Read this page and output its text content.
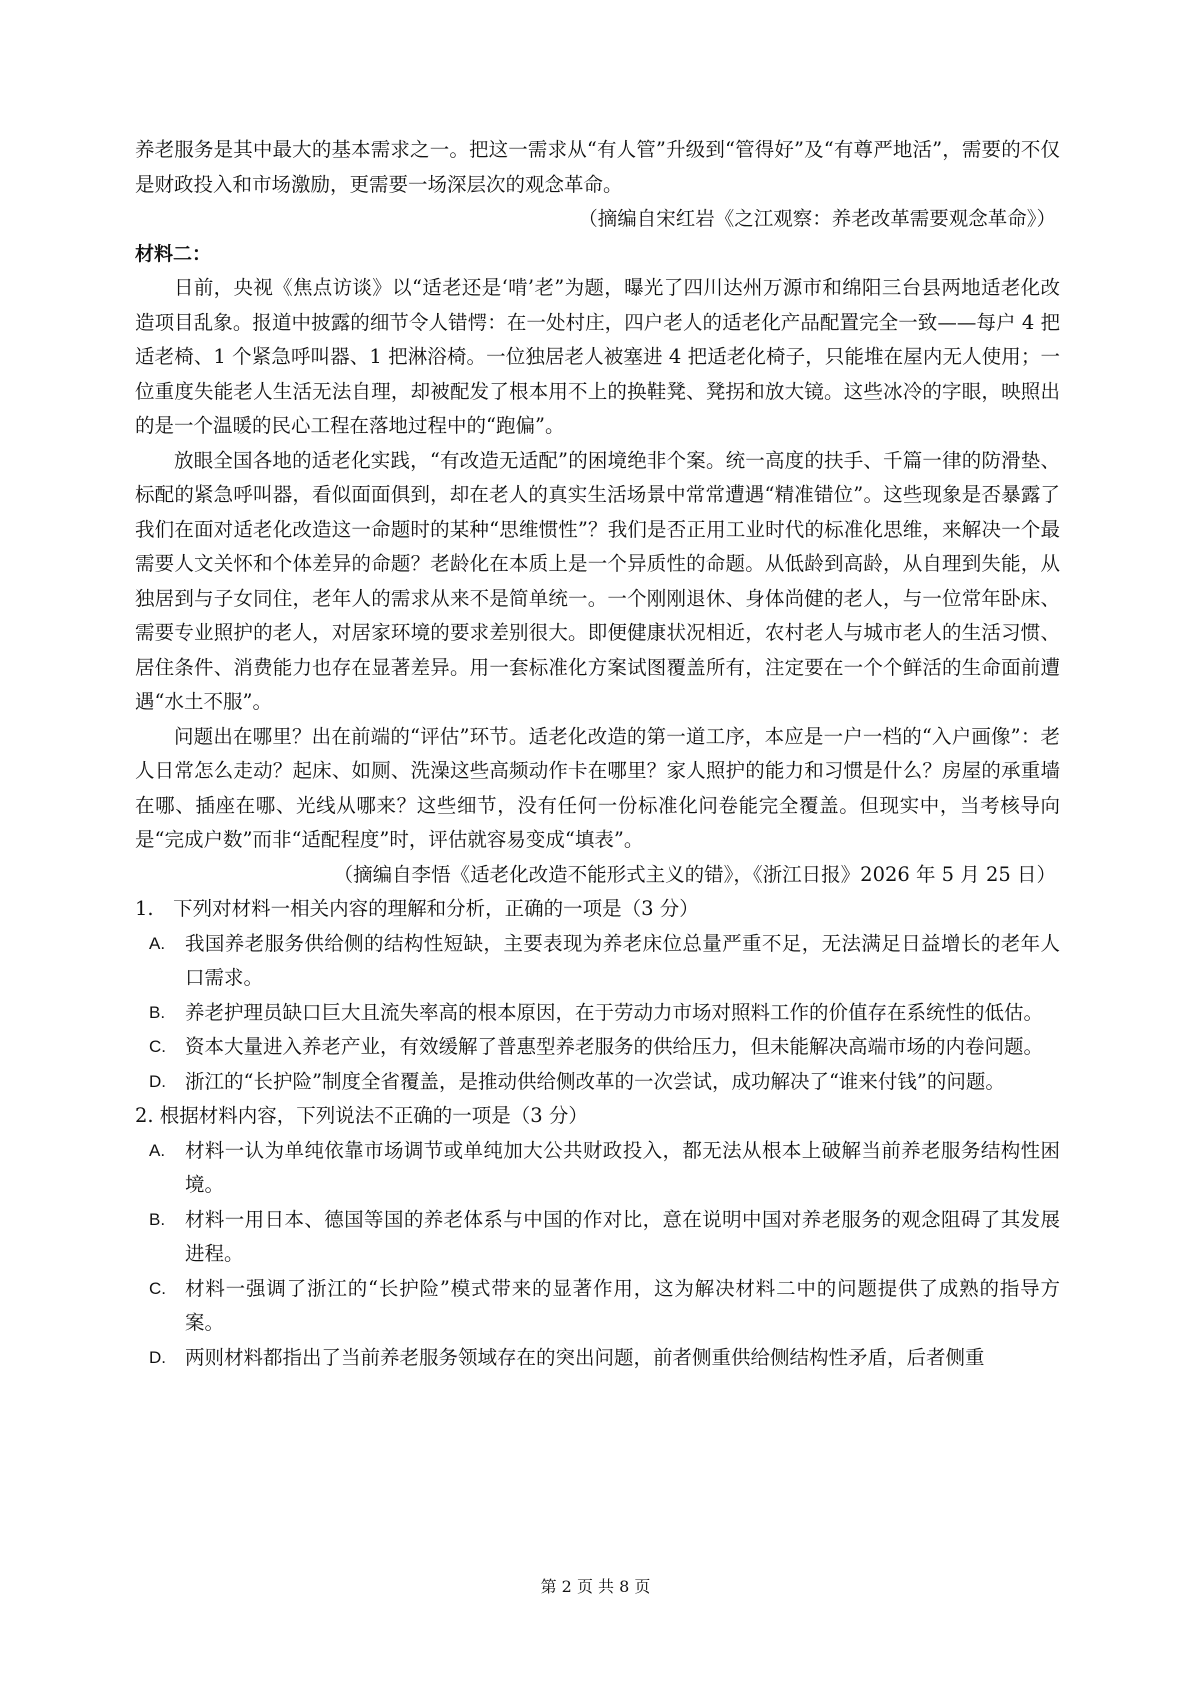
养老服务是其中最大的基本需求之一。把这一需求从“有人管”升级到“管得好”及“有尊严地活”，需要的不仅是财政投入和市场激励，更需要一场深层次的观念革命。

（摘编自宋红岩《之江观察：养老改革需要观念革命》）

材料二：

日前，央视《焦点访谈》以“适老还是‘啃’老”为题，曝光了四川达州万源市和绵阳三台县两地适老化改造项目乱象。报道中披露的细节令人错愕：在一处村庄，四户老人的适老化产品配置完全一致——每户 4 把适老椅、1 个紧急呼叫器、1 把淋浴椅。一位独居老人被塞进 4 把适老化椅子，只能堆在屋内无人使用；一位重度失能老人生活无法自理，却被配发了根本用不上的换鞋凳、凳拐和放大镜。这些冰冷的字眼，映照出的是一个温暖的民心工程在落地过程中的“跑偏”。

放眼全国各地的适老化实践，“有改造无适配”的困境绝非个案。统一高度的扶手、千篇一律的防滑垫、标配的紧急呼叫器，看似面面俱到，却在老人的真实生活场景中常常遭遇“精准错位”。这些现象是否暴露了我们在面对适老化改造这一命题时的某种“思维惯性”？我们是否正用工业时代的标准化思维，来解决一个最需要人文关怀和个体差异的命题？老龄化在本质上是一个异质性的命题。从低龄到高龄，从自理到失能，从独居到与子女同住，老年人的需求从来不是简单统一。一个刚刚退休、身体尚健的老人，与一位常年卧床、需要专业照护的老人，对居家环境的要求差别很大。即便健康状况相近，农村老人与城市老人的生活习惯、居住条件、消费能力也存在显著差异。用一套标准化方案试图覆盖所有，注定要在一个个鲜活的生命面前遭遇“水土不服”。

问题出在哪里？出在前端的“评估”环节。适老化改造的第一道工序，本应是一户一档的“入户画像”：老人日常怎么走动？起床、如厕、洗澡这些高频动作卡在哪里？家人照护的能力和习惯是什么？房屋的承重墙在哪、插座在哪、光线从哪来？这些细节，没有任何一份标准化问卷能完全覆盖。但现实中，当考核导向是“完成户数”而非“适配程度”时，评估就容易变成“填表”。

（摘编自李悟《适老化改造不能形式主义的错》，《浙江日报》2026 年 5 月 25 日）

1.　下列对材料一相关内容的理解和分析，正确的一项是（3 分）

A. 我国养老服务供给侧的结构性短缺，主要表现为养老床位总量严重不足，无法满足日益增长的老年人口需求。

B. 养老护理员缺口巨大且流失率高的根本原因，在于劳动力市场对照料工作的价值存在系统性的低估。

C. 资本大量进入养老产业，有效缓解了普惠型养老服务的供给压力，但未能解决高端市场的内卷问题。

D. 浙江的“长护险”制度全省覆盖，是推动供给侧改革的一次尝试，成功解决了“谁来付钱”的问题。

2. 根据材料内容，下列说法不正确的一项是（3 分）

A. 材料一认为单纯依靠市场调节或单纯加大公共财政投入，都无法从根本上破解当前养老服务结构性困境。

B. 材料一用日本、德国等国的养老体系与中国的作对比，意在说明中国对养老服务的观念阻碍了其发展进程。

C. 材料一强调了浙江的“长护险”模式带来的显著作用，这为解决材料二中的问题提供了成熟的指导方案。

D. 两则材料都指出了当前养老服务领域存在的突出问题，前者侧重供给侧结构性矛盾，后者侧重

第 2 页 共 8 页
